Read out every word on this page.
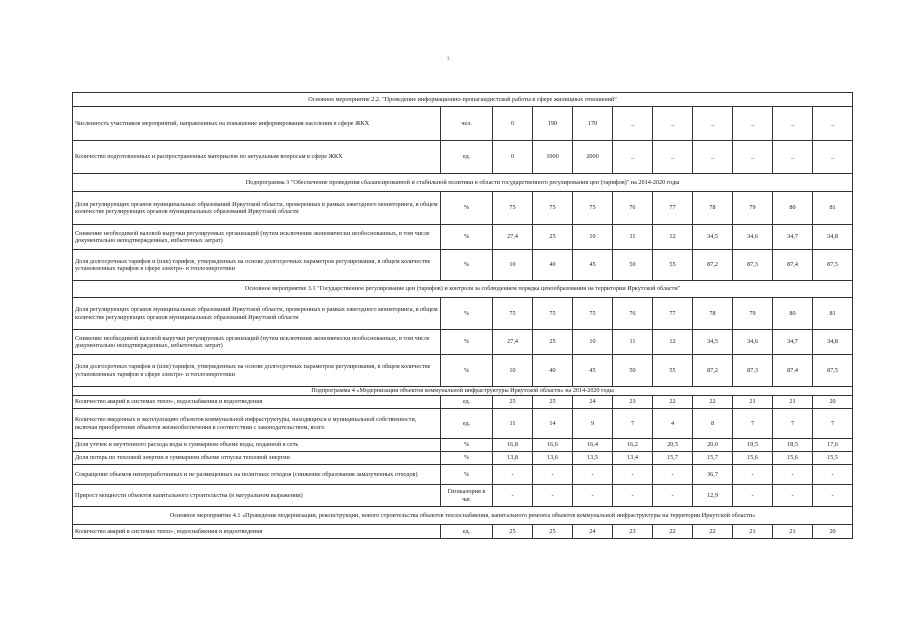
3
Основное мероприятие 2.2. "Проведение информационно-пропагандистской работы в сфере жилищных отношений"										
Численность участников мероприятий, направленных на повышение информирования населения в сфере ЖКХ	чел.	0	190	170	_	_	_	_	_	_
Количество подготовленных и распространенных материалов по актуальным вопросам в сфере ЖКХ	ед.	0	1000	2000	_	_	_	_	_	_
Подпрограмма 3 "Обеспечение проведения сбалансированной и стабильной политики в области государственного регулирования цен (тарифов)" на 2014-2020 годы										
Доля регулирующих органов муниципальных образований Иркутской области, проверенных в рамках ежегодного мониторинга, в общем количестве регулирующих органов муниципальных образований Иркутской области	%	75	75	75	76	77	78	79	80	81
Снижение необходимой валовой выручки регулируемых организаций (путем исключения экономически необоснованных, в том числе документально неподтвержденных, избыточных затрат)	%	27,4	25	10	11	12	34,5	34,6	34,7	34,8
Доля долгосрочных тарифов и (или) тарифов, утвержденных на основе долгосрочных параметров регулирования, в общем количестве установленных тарифов в сфере электро- и теплоэнергетики	%	10	40	45	50	55	87,2	87,3	87,4	87,5
Основное мероприятие 3.1 "Государственное регулирование цен (тарифов) и контроля за соблюдением порядка ценообразования на территории Иркутской области"										
Доля регулирующих органов муниципальных образований Иркутской области, проверенных в рамках ежегодного мониторинга, в общем количестве регулирующих органов муниципальных образований Иркутской области	%	75	75	75	76	77	78	79	80	81
Снижение необходимой валовой выручки регулируемых организаций (путем исключения экономически необоснованных, в том числе документально неподтвержденных, избыточных затрат)	%	27,4	25	10	11	12	34,5	34,6	34,7	34,8
Доля долгосрочных тарифов и (или) тарифов, утвержденных на основе долгосрочных параметров регулирования, в общем количестве установленных тарифов в сфере электро- и теплоэнергетики	%	10	40	45	50	55	87,2	87,3	87,4	87,5
Подпрограмма 4 «Модернизация объектов коммунальной инфраструктуры Иркутской области» на 2014-2020 годы										
Количество аварий в системах тепло-, водоснабжения и водоотведения	ед.	25	25	24	23	22	22	21	21	20
Количество введенных в эксплуатацию объектов коммунальной инфраструктуры, находящихся в муниципальной собственности, включая приобретение объектов жизнеобеспечения в соответствии с законодательством, всего	ед.	11	14	9	7	4	8	7	7	7
Доля утечек и неучтенного расхода воды в суммарном объеме воды, поданной в сеть	%	16,8	16,6	16,4	16,2	20,5	20,0	19,5	18,5	17,6
Доля потерь по тепловой энергии в суммарном объеме отпуска тепловой энергии	%	13,8	13,6	13,5	13,4	15,7	15,7	15,6	15,6	15,5
Сокращение объемов непереработанных и не размещенных на полигонах отходов (снижение образования замазученных отходов)	%	-	-	-	-	-	36,7	-	-	-
Прирост мощности объектов капитального строительства (в натуральном выражении)	Гигакалория в час	-	-	-	-	-	12,9	-	-	-
Основное мероприятие 4.1 «Проведение модернизации, реконструкции, нового строительства объектов теплоснабжения, капитального ремонта объектов коммунальной инфраструктуры на территории Иркутской области»										
Количество аварий в системах тепло-, водоснабжения и водоотведения	ед.	25	25	24	23	22	22	21	21	20
